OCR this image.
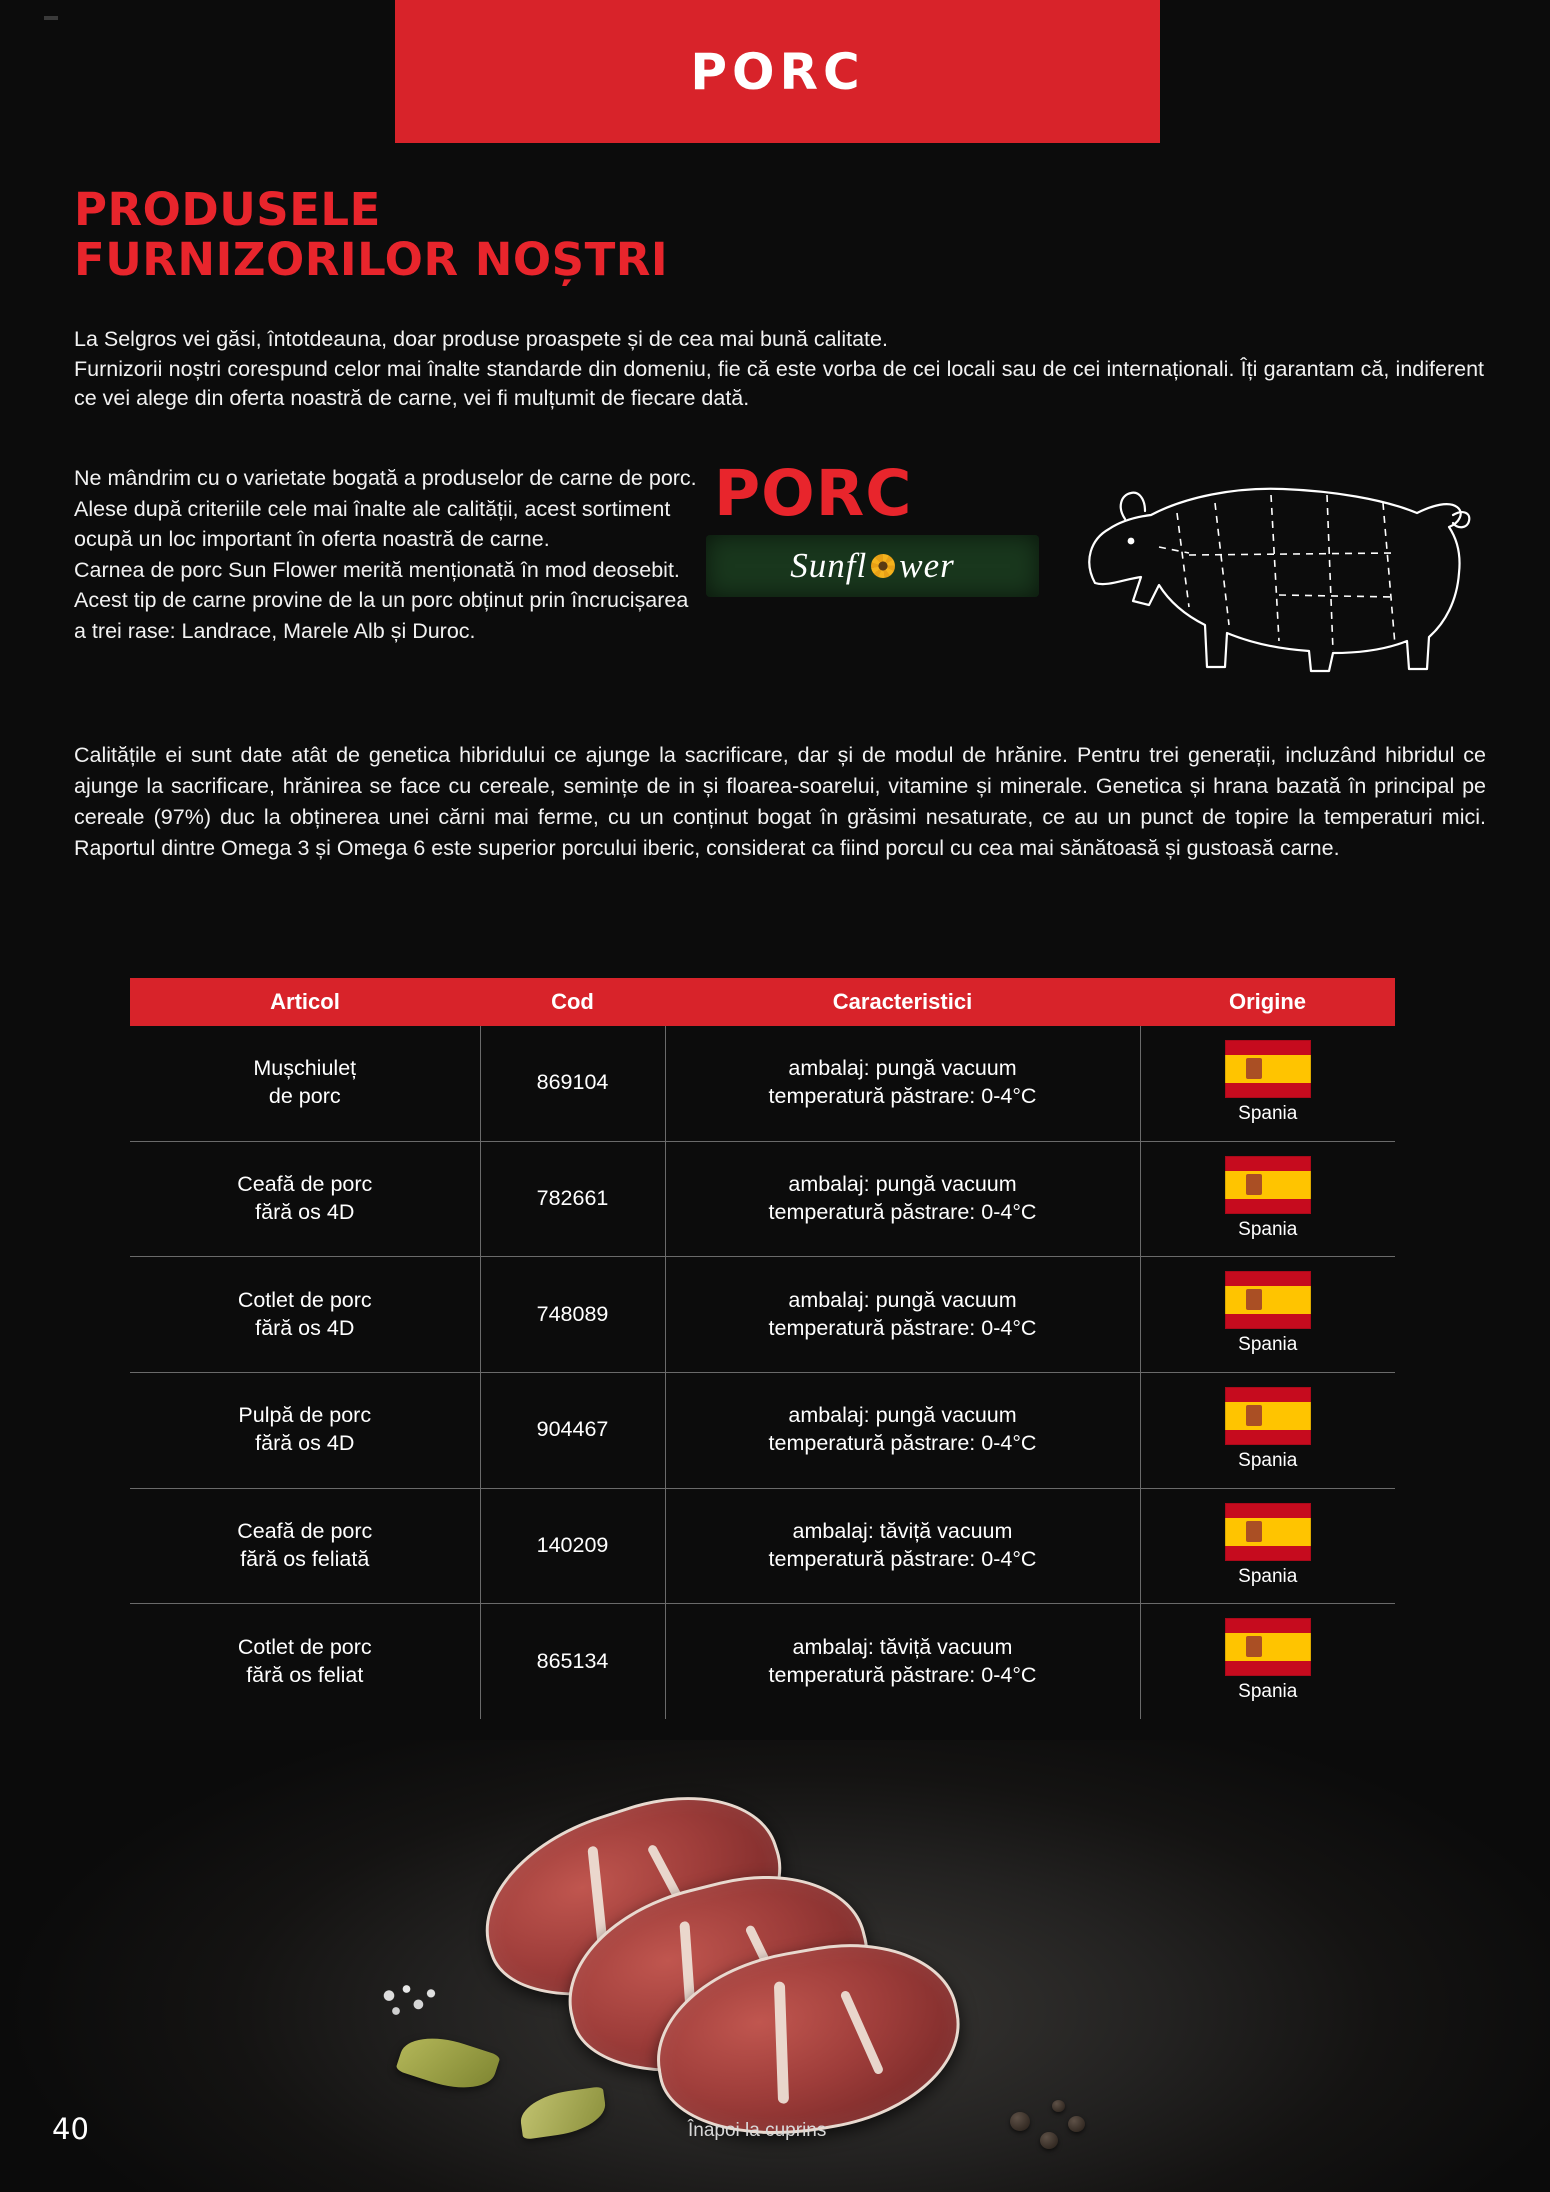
PORC
PRODUSELE
FURNIZORILOR NOȘTRI

La Selgros vei găsi, întotdeauna, doar produse proaspete și de cea mai bună calitate.

Furnizorii noștri corespund celor mai înalte standarde din domeniu, fie că este vorba de cei locali sau de cei internaționali. Îți garantam că, indiferent ce vei alege din oferta noastră de carne, vei fi mulțumit de fiecare dată.

Ne mândrim cu o varietate bogată a produselor de carne de porc. Alese după criteriile cele mai înalte ale calității, acest sortiment ocupă un loc important în oferta noastră de carne.

Carnea de porc Sun Flower merită menționată în mod deosebit. Acest tip de carne provine de la un porc obținut prin încrucișarea a trei rase: Landrace, Marele Alb și Duroc.

PORC
Sunfl wer
Calitățile ei sunt date atât de genetica hibridului ce ajunge la sacrificare, dar și de modul de hrănire. Pentru trei generații, incluzând hibridul ce ajunge la sacrificare, hrănirea se face cu cereale, semințe de in și floarea-soarelui, vitamine și minerale. Genetica și hrana bazată în principal pe cereale (97%) duc la obținerea unei cărni mai ferme, cu un conținut bogat în grăsimi nesaturate, ce au un punct de topire la temperaturi mici. Raportul dintre Omega 3 și Omega 6 este superior porcului iberic, considerat ca fiind porcul cu cea mai sănătoasă și gustoasă carne.
Articol	Cod	Caracteristici	Origine
Mușchiuleț
de porc	869104	ambalaj: pungă vacuum
temperatură păstrare: 0-4°C	Spania

Ceafă de porc
fără os 4D	782661	ambalaj: pungă vacuum
temperatură păstrare: 0-4°C	Spania

Cotlet de porc
fără os 4D	748089	ambalaj: pungă vacuum
temperatură păstrare: 0-4°C	Spania

Pulpă de porc
fără os 4D	904467	ambalaj: pungă vacuum
temperatură păstrare: 0-4°C	Spania

Ceafă de porc
fără os feliată	140209	ambalaj: tăviță vacuum
temperatură păstrare: 0-4°C	Spania

Cotlet de porc
fără os feliat	865134	ambalaj: tăviță vacuum
temperatură păstrare: 0-4°C	Spania
40	Înapoi la cuprins
